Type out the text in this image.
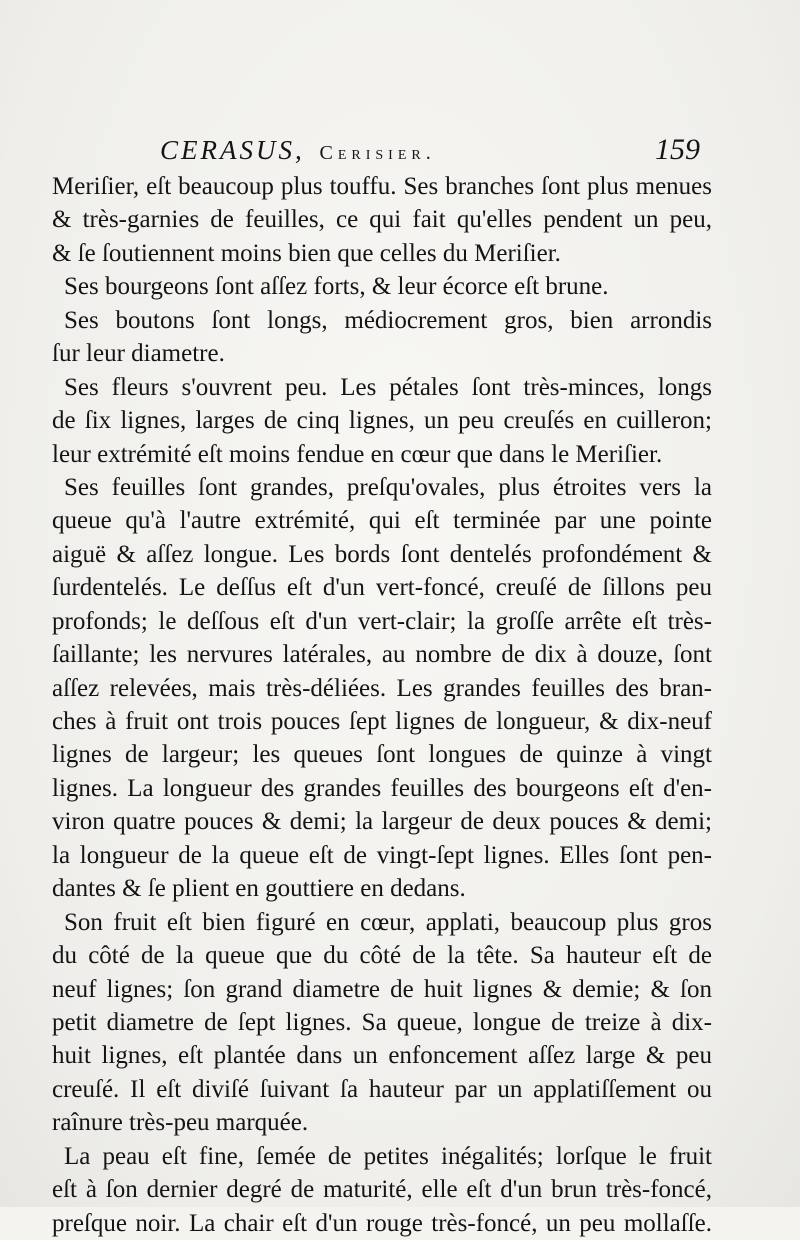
CERASUS, Cerisier.	159
Meriſier, eſt beaucoup plus touffu. Ses branches ſont plus menues
& très-garnies de feuilles, ce qui fait qu'elles pendent un peu,
& ſe ſoutiennent moins bien que celles du Meriſier.
Ses bourgeons ſont aſſez forts, & leur écorce eſt brune.
Ses boutons ſont longs, médiocrement gros, bien arrondis
ſur leur diametre.
Ses fleurs s'ouvrent peu. Les pétales ſont très-minces, longs
de ſix lignes, larges de cinq lignes, un peu creuſés en cuilleron;
leur extrémité eſt moins fendue en cœur que dans le Meriſier.
Ses feuilles ſont grandes, preſqu'ovales, plus étroites vers la
queue qu'à l'autre extrémité, qui eſt terminée par une pointe
aiguë & aſſez longue. Les bords ſont dentelés profondément &
ſurdentelés. Le deſſus eſt d'un vert-foncé, creuſé de ſillons peu
profonds; le deſſous eſt d'un vert-clair; la groſſe arrête eſt très-
ſaillante; les nervures latérales, au nombre de dix à douze, ſont
aſſez relevées, mais très-déliées. Les grandes feuilles des bran-
ches à fruit ont trois pouces ſept lignes de longueur, & dix-neuf
lignes de largeur; les queues ſont longues de quinze à vingt
lignes. La longueur des grandes feuilles des bourgeons eſt d'en-
viron quatre pouces & demi; la largeur de deux pouces & demi;
la longueur de la queue eſt de vingt-ſept lignes. Elles ſont pen-
dantes & ſe plient en gouttiere en dedans.
Son fruit eſt bien figuré en cœur, applati, beaucoup plus gros
du côté de la queue que du côté de la tête. Sa hauteur eſt de
neuf lignes; ſon grand diametre de huit lignes & demie; & ſon
petit diametre de ſept lignes. Sa queue, longue de treize à dix-
huit lignes, eſt plantée dans un enfoncement aſſez large & peu
creuſé. Il eſt diviſé ſuivant ſa hauteur par un applatiſſement ou
raînure très-peu marquée.
La peau eſt fine, ſemée de petites inégalités; lorſque le fruit
eſt à ſon dernier degré de maturité, elle eſt d'un brun très-foncé,
preſque noir. La chair eſt d'un rouge très-foncé, un peu mollaſſe.
